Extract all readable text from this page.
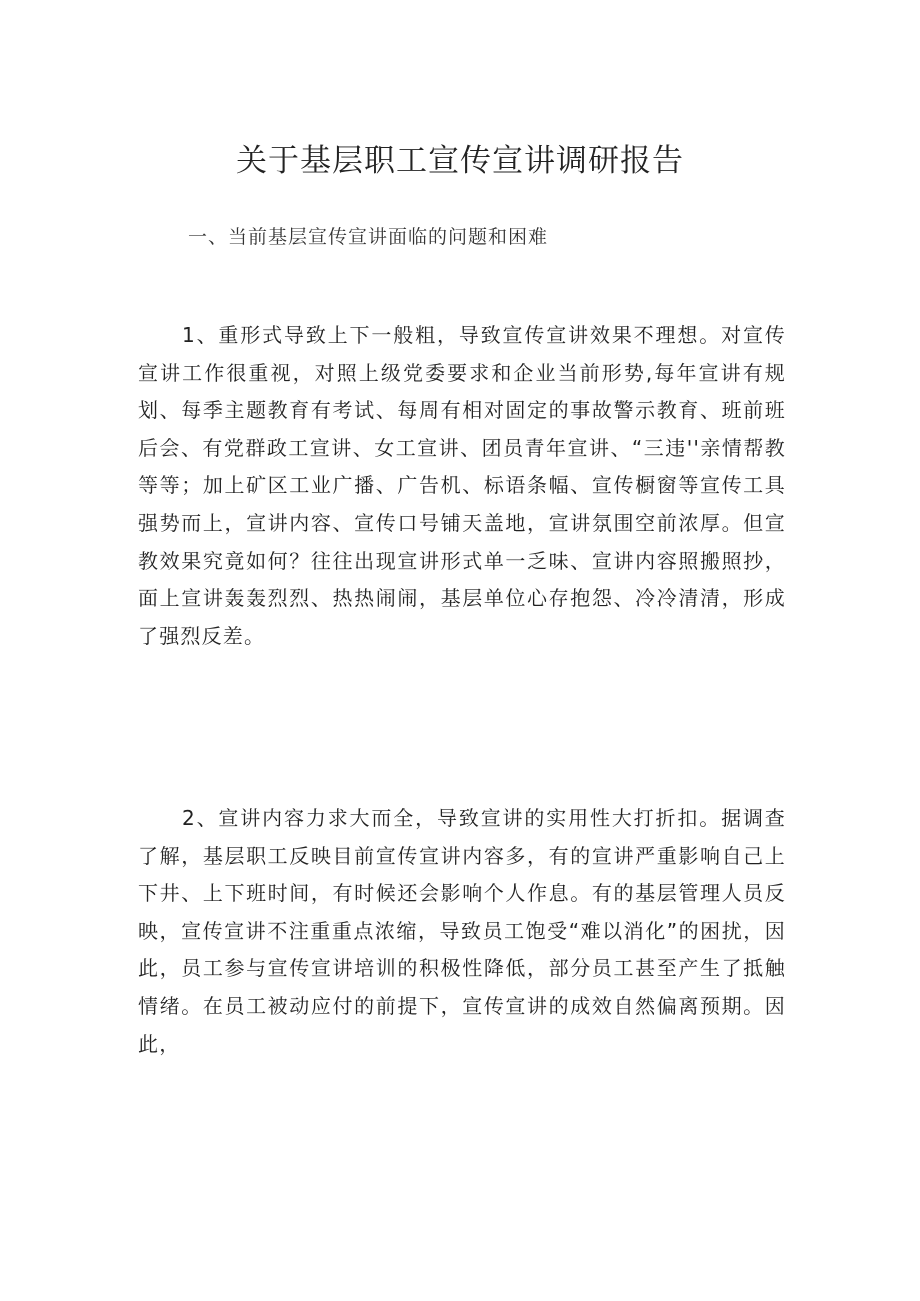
关于基层职工宣传宣讲调研报告
一、当前基层宣传宣讲面临的问题和困难

1、重形式导致上下一般粗，导致宣传宣讲效果不理想。对宣传宣讲工作很重视，对照上级党委要求和企业当前形势,每年宣讲有规划、每季主题教育有考试、每周有相对固定的事故警示教育、班前班后会、有党群政工宣讲、女工宣讲、团员青年宣讲、“三违''亲情帮教等等；加上矿区工业广播、广告机、标语条幅、宣传橱窗等宣传工具强势而上，宣讲内容、宣传口号铺天盖地，宣讲氛围空前浓厚。但宣教效果究竟如何？往往出现宣讲形式单一乏味、宣讲内容照搬照抄，面上宣讲轰轰烈烈、热热闹闹，基层单位心存抱怨、冷冷清清，形成了强烈反差。

2、宣讲内容力求大而全，导致宣讲的实用性大打折扣。据调查了解，基层职工反映目前宣传宣讲内容多，有的宣讲严重影响自己上下井、上下班时间，有时候还会影响个人作息。有的基层管理人员反映，宣传宣讲不注重重点浓缩，导致员工饱受“难以消化”的困扰，因此，员工参与宣传宣讲培训的积极性降低，部分员工甚至产生了抵触情绪。在员工被动应付的前提下，宣传宣讲的成效自然偏离预期。因此，
